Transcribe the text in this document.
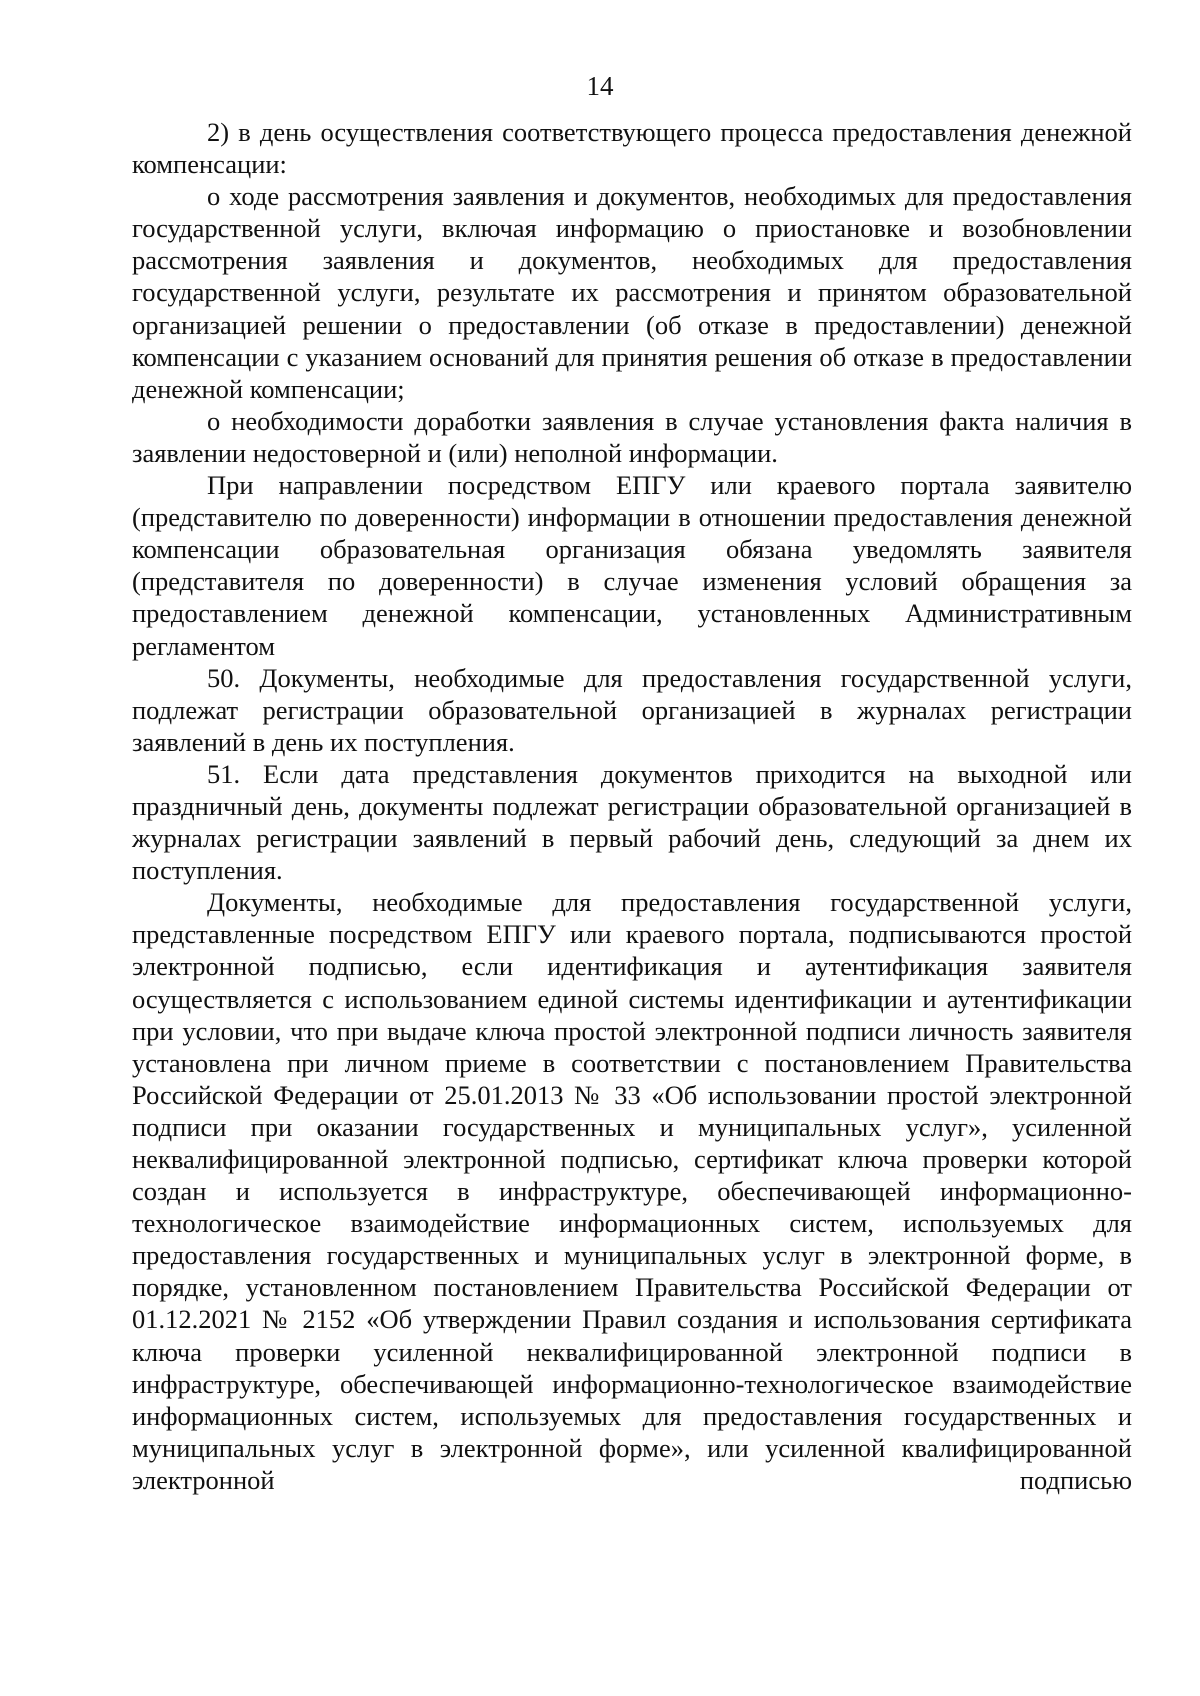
14

2) в день осуществления соответствующего процесса предоставления денежной компенсации:

о ходе рассмотрения заявления и документов, необходимых для предоставления государственной услуги, включая информацию о приостановке и возобновлении рассмотрения заявления и документов, необходимых для предоставления государственной услуги, результате их рассмотрения и принятом образовательной организацией решении о предоставлении (об отказе в предоставлении) денежной компенсации с указанием оснований для принятия решения об отказе в предоставлении денежной компенсации;

о необходимости доработки заявления в случае установления факта наличия в заявлении недостоверной и (или) неполной информации.

При направлении посредством ЕПГУ или краевого портала заявителю (представителю по доверенности) информации в отношении предоставления денежной компенсации образовательная организация обязана уведомлять заявителя (представителя по доверенности) в случае изменения условий обращения за предоставлением денежной компенсации, установленных Административным регламентом

50. Документы, необходимые для предоставления государственной услуги, подлежат регистрации образовательной организацией в журналах регистрации заявлений в день их поступления.

51. Если дата представления документов приходится на выходной или праздничный день, документы подлежат регистрации образовательной организацией в журналах регистрации заявлений в первый рабочий день, следующий за днем их поступления.

Документы, необходимые для предоставления государственной услуги, представленные посредством ЕПГУ или краевого портала, подписываются простой электронной подписью, если идентификация и аутентификация заявителя осуществляется с использованием единой системы идентификации и аутентификации при условии, что при выдаче ключа простой электронной подписи личность заявителя установлена при личном приеме в соответствии с постановлением Правительства Российской Федерации от 25.01.2013 № 33 «Об использовании простой электронной подписи при оказании государственных и муниципальных услуг», усиленной неквалифицированной электронной подписью, сертификат ключа проверки которой создан и используется в инфраструктуре, обеспечивающей информационно-технологическое взаимодействие информационных систем, используемых для предоставления государственных и муниципальных услуг в электронной форме, в порядке, установленном постановлением Правительства Российской Федерации от 01.12.2021 № 2152 «Об утверждении Правил создания и использования сертификата ключа проверки усиленной неквалифицированной электронной подписи в инфраструктуре, обеспечивающей информационно-технологическое взаимодействие информационных систем, используемых для предоставления государственных и муниципальных услуг в электронной форме», или усиленной квалифицированной электронной подписью
